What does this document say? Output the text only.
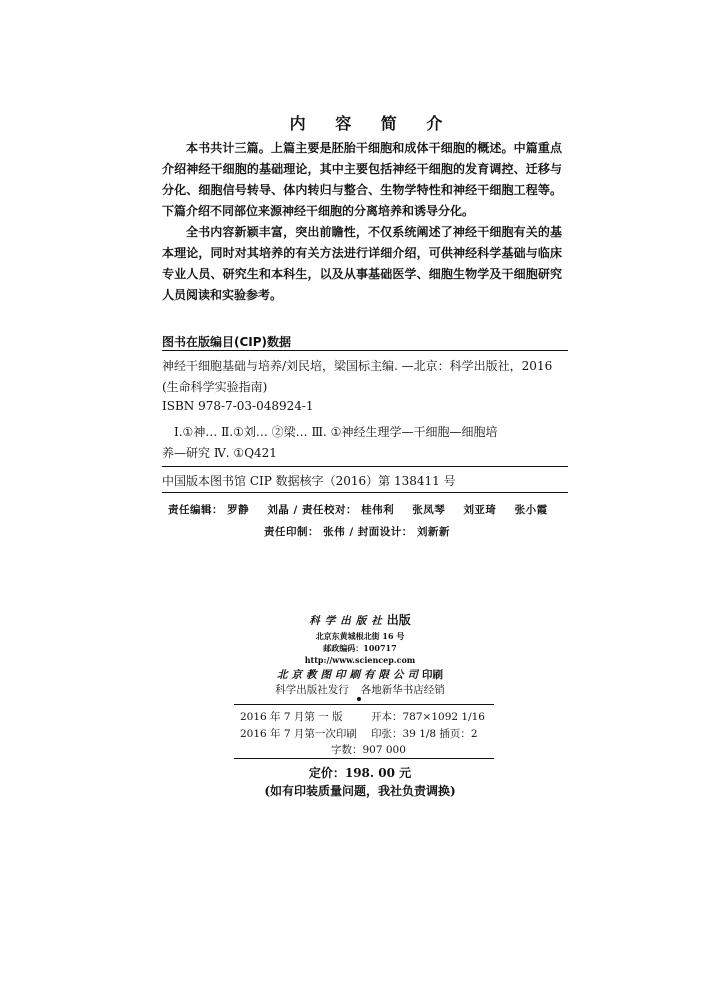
内 容 简 介

本书共计三篇。上篇主要是胚胎干细胞和成体干细胞的概述。中篇重点介绍神经干细胞的基础理论，其中主要包括神经干细胞的发育调控、迁移与分化、细胞信号转导、体内转归与整合、生物学特性和神经干细胞工程等。下篇介绍不同部位来源神经干细胞的分离培养和诱导分化。

全书内容新颖丰富，突出前瞻性，不仅系统阐述了神经干细胞有关的基本理论，同时对其培养的有关方法进行详细介绍，可供神经科学基础与临床专业人员、研究生和本科生，以及从事基础医学、细胞生物学及干细胞研究人员阅读和实验参考。

图书在版编目(CIP)数据
神经干细胞基础与培养/刘民培，梁国标主编. —北京：科学出版社，2016
(生命科学实验指南)
ISBN 978-7-03-048924-1
Ⅰ.①神… Ⅱ.①刘… ②梁… Ⅲ. ①神经生理学—干细胞—细胞培
养—研究 Ⅳ. ①Q421
中国版本图书馆 CIP 数据核字（2016）第 138411 号
责任编辑： 罗静 刘晶 / 责任校对： 桂伟利 张凤琴 刘亚琦 张小霞
责任印制： 张伟 / 封面设计： 刘新新
科学出版社出版
北京东黄城根北街 16 号
邮政编码：100717
http://www.sciencep.com
北京教图印刷有限公司印刷
科学出版社发行 各地新华书店经销
2016 年 7 月第 一 版	开本：787×1092 1/16
2016 年 7 月第一次印刷 印张：39 1/8 插页：2
字数：907 000
定价：198. 00 元
(如有印装质量问题，我社负责调换)
